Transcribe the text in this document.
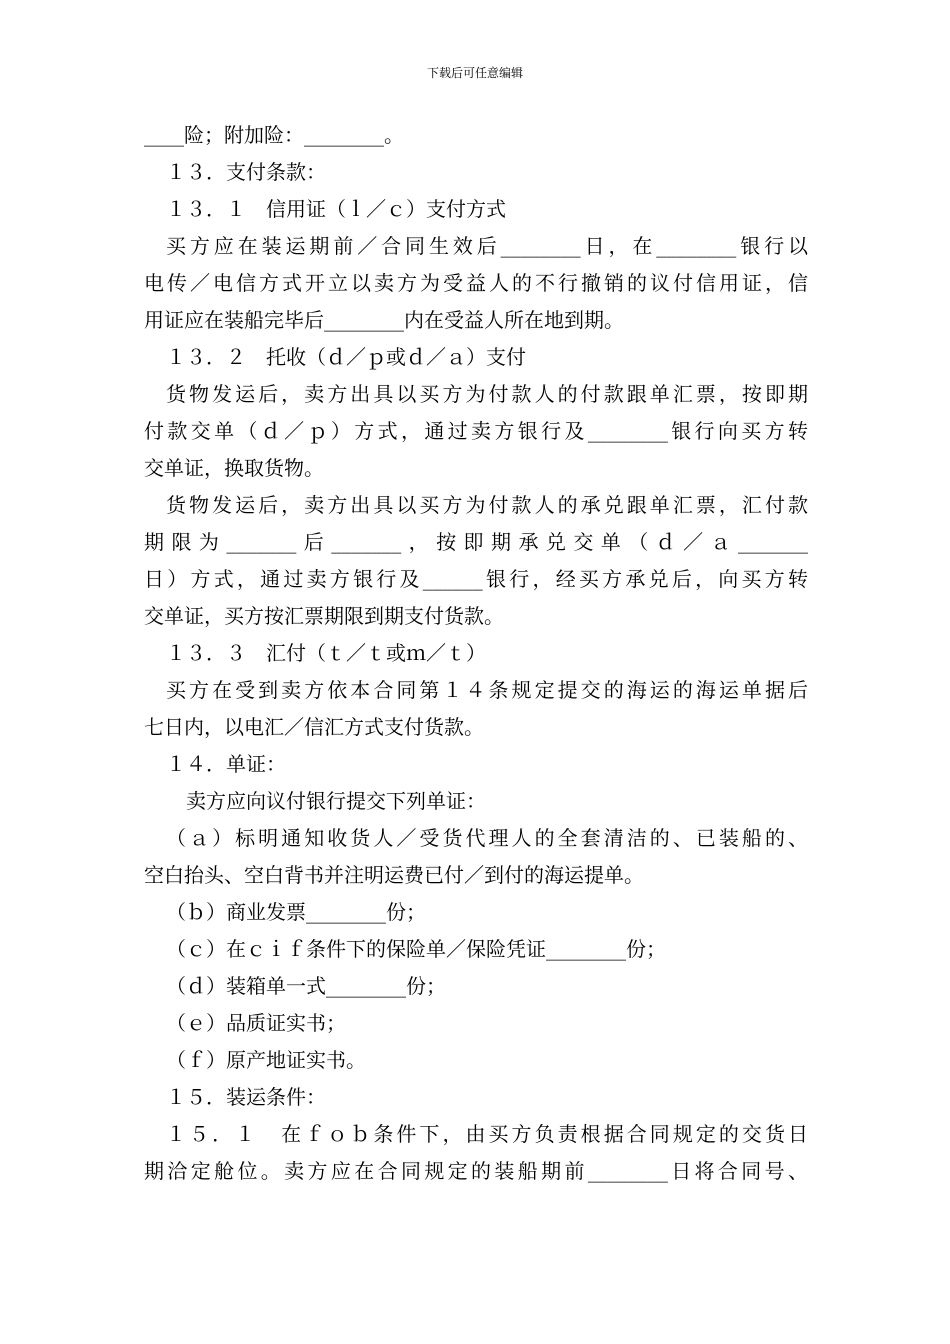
下载后可任意编辑
____险；附加险：________。
１３．支付条款：
１３．１　信用证（ｌ／ｃ）支付方式
买方应在装运期前／合同生效后________日，在________银行以
电传／电信方式开立以卖方为受益人的不行撤销的议付信用证，信
用证应在装船完毕后________内在受益人所在地到期。
１３．２　托收（ｄ／ｐ或ｄ／ａ）支付
货物发运后，卖方出具以买方为付款人的付款跟单汇票，按即期
付款交单（ｄ／ｐ）方式，通过卖方银行及________银行向买方转
交单证，换取货物。
货物发运后，卖方出具以买方为付款人的承兑跟单汇票，汇付款
期限为_______后_______，按即期承兑交单（ｄ／ａ_______
日）方式，通过卖方银行及______银行，经买方承兑后，向买方转
交单证，买方按汇票期限到期支付货款。
１３．３　汇付（ｔ／ｔ或ｍ／ｔ）
买方在受到卖方依本合同第１４条规定提交的海运的海运单据后
七日内，以电汇／信汇方式支付货款。
１４．单证：
卖方应向议付银行提交下列单证：
（ａ）标明通知收货人／受货代理人的全套清洁的、已装船的、
空白抬头、空白背书并注明运费已付／到付的海运提单。
（ｂ）商业发票________份；
（ｃ）在ｃｉｆ条件下的保险单／保险凭证________份；
（ｄ）装箱单一式________份；
（ｅ）品质证实书；
（ｆ）原产地证实书。
１５．装运条件：
１５．１　在ｆｏｂ条件下，由买方负责根据合同规定的交货日
期洽定舱位。卖方应在合同规定的装船期前________日将合同号、
